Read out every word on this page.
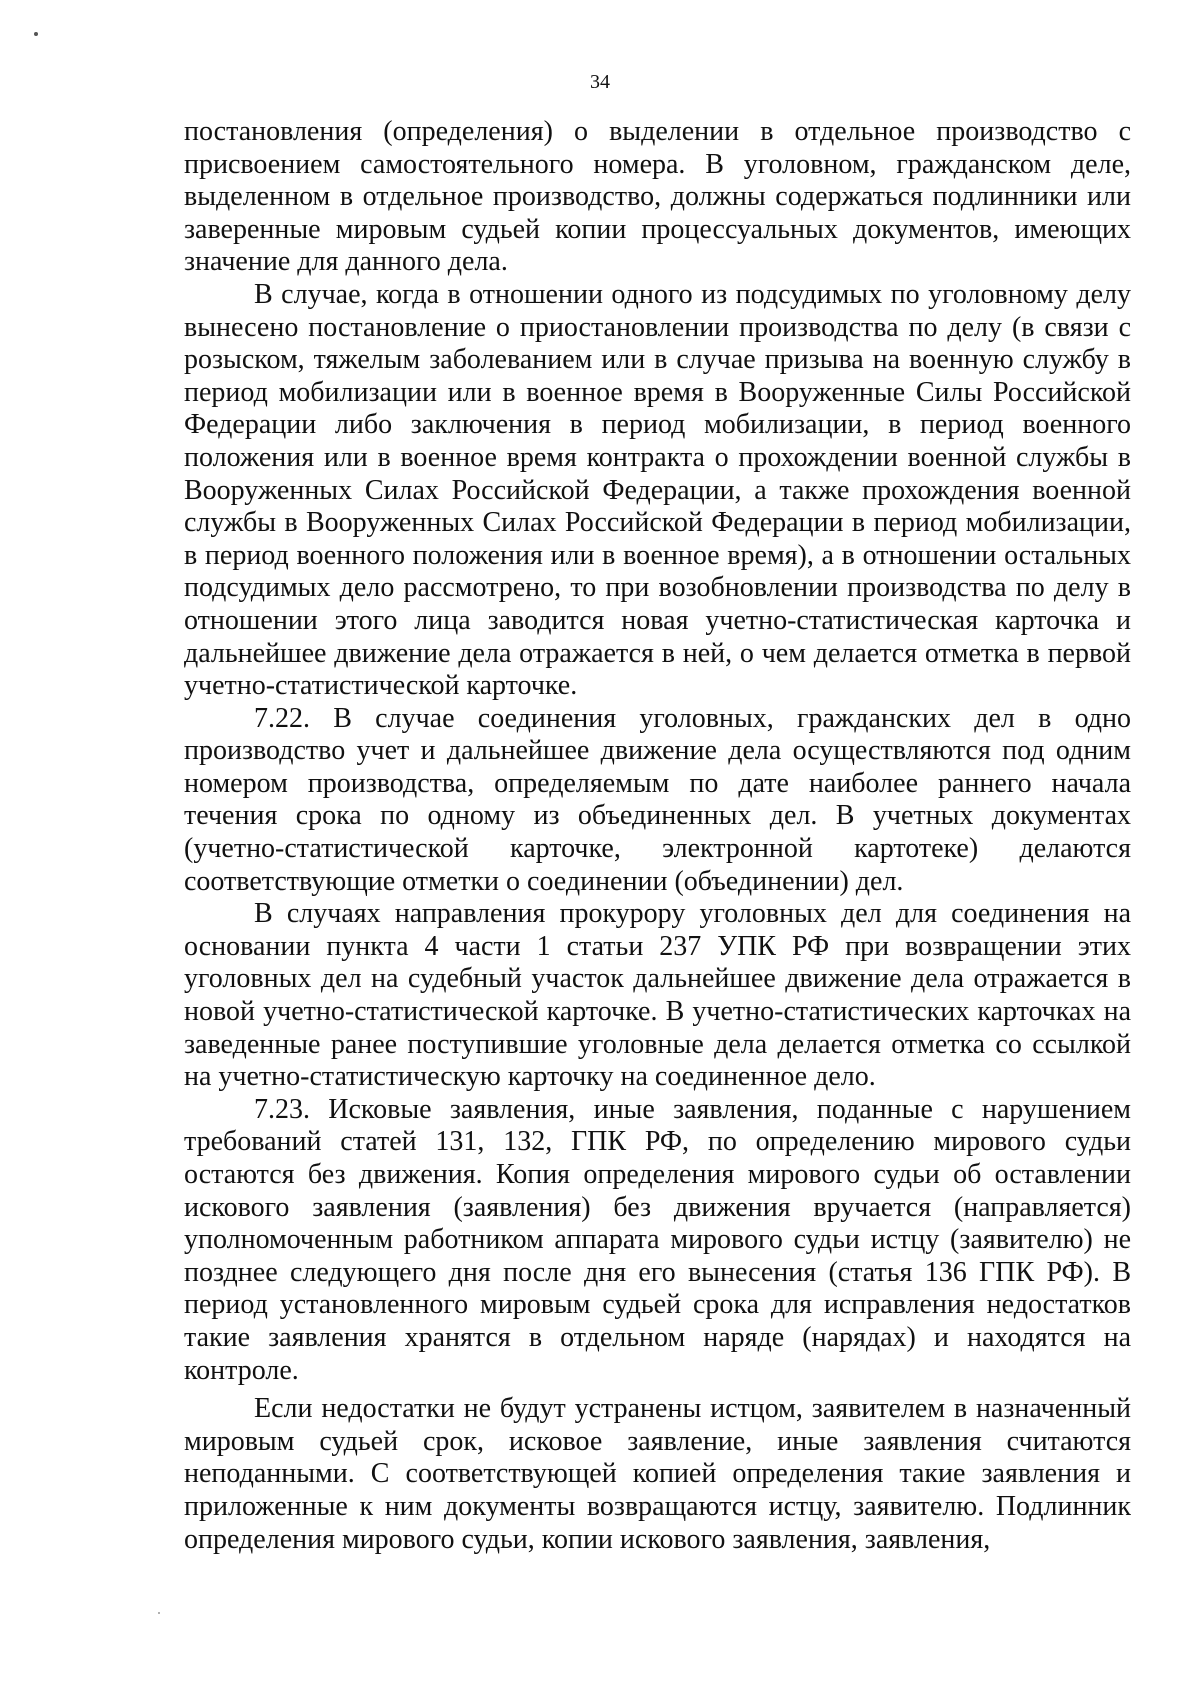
34

постановления (определения) о выделении в отдельное производство с присвоением самостоятельного номера. В уголовном, гражданском деле, выделенном в отдельное производство, должны содержаться подлинники или заверенные мировым судьей копии процессуальных документов, имеющих значение для данного дела.

В случае, когда в отношении одного из подсудимых по уголовному делу вынесено постановление о приостановлении производства по делу (в связи с розыском, тяжелым заболеванием или в случае призыва на военную службу в период мобилизации или в военное время в Вооруженные Силы Российской Федерации либо заключения в период мобилизации, в период военного положения или в военное время контракта о прохождении военной службы в Вооруженных Силах Российской Федерации, а также прохождения военной службы в Вооруженных Силах Российской Федерации в период мобилизации, в период военного положения или в военное время), а в отношении остальных подсудимых дело рассмотрено, то при возобновлении производства по делу в отношении этого лица заводится новая учетно-статистическая карточка и дальнейшее движение дела отражается в ней, о чем делается отметка в первой учетно-статистической карточке.

7.22. В случае соединения уголовных, гражданских дел в одно производство учет и дальнейшее движение дела осуществляются под одним номером производства, определяемым по дате наиболее раннего начала течения срока по одному из объединенных дел. В учетных документах (учетно-статистической карточке, электронной картотеке) делаются соответствующие отметки о соединении (объединении) дел.

В случаях направления прокурору уголовных дел для соединения на основании пункта 4 части 1 статьи 237 УПК РФ при возвращении этих уголовных дел на судебный участок дальнейшее движение дела отражается в новой учетно-статистической карточке. В учетно-статистических карточках на заведенные ранее поступившие уголовные дела делается отметка со ссылкой на учетно-статистическую карточку на соединенное дело.

7.23. Исковые заявления, иные заявления, поданные с нарушением требований статей 131, 132, ГПК РФ, по определению мирового судьи остаются без движения. Копия определения мирового судьи об оставлении искового заявления (заявления) без движения вручается (направляется) уполномоченным работником аппарата мирового судьи истцу (заявителю) не позднее следующего дня после дня его вынесения (статья 136 ГПК РФ). В период установленного мировым судьей срока для исправления недостатков такие заявления хранятся в отдельном наряде (нарядах) и находятся на контроле.

Если недостатки не будут устранены истцом, заявителем в назначенный мировым судьей срок, исковое заявление, иные заявления считаются неподанными. С соответствующей копией определения такие заявления и приложенные к ним документы возвращаются истцу, заявителю. Подлинник определения мирового судьи, копии искового заявления, заявления,
